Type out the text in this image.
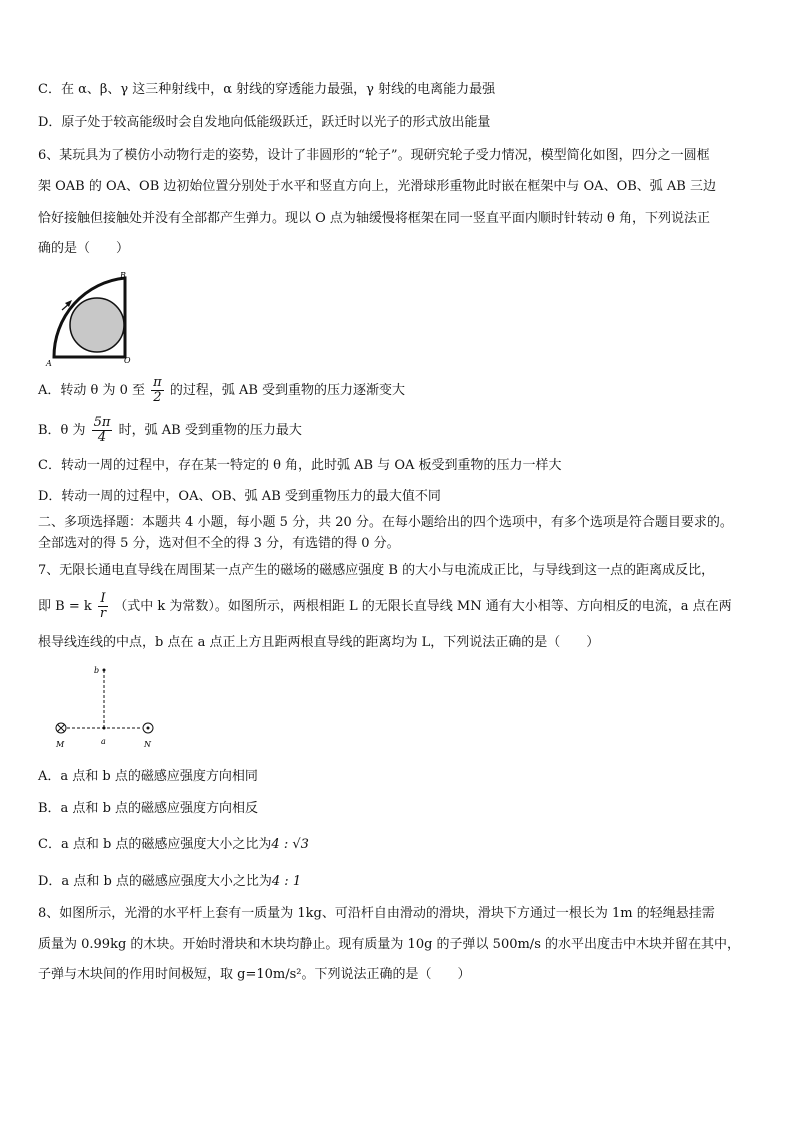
C．在 α、β、γ 这三种射线中，α 射线的穿透能力最强，γ 射线的电离能力最强
D．原子处于较高能级时会自发地向低能级跃迁，跃迁时以光子的形式放出能量
6、某玩具为了模仿小动物行走的姿势，设计了非圆形的“轮子”。现研究轮子受力情况，模型简化如图，四分之一圆框
架 OAB 的 OA、OB 边初始位置分别处于水平和竖直方向上，光滑球形重物此时嵌在框架中与 OA、OB、弧 AB 三边
恰好接触但接触处并没有全部都产生弹力。现以 O 点为轴缓慢将框架在同一竖直平面内顺时针转动 θ 角，下列说法正
确的是（　　）
B
A	O
A．转动 θ 为 0 至 $\frac{\pi}{2}$ 的过程，弧 AB 受到重物的压力逐渐变大
B．θ 为 $\frac{5\pi}{4}$ 时，弧 AB 受到重物的压力最大
C．转动一周的过程中，存在某一特定的 θ 角，此时弧 AB 与 OA 板受到重物的压力一样大
D．转动一周的过程中，OA、OB、弧 AB 受到重物压力的最大值不同
二、多项选择题：本题共 4 小题，每小题 5 分，共 20 分。在每小题给出的四个选项中，有多个选项是符合题目要求的。
全部选对的得 5 分，选对但不全的得 3 分，有选错的得 0 分。
7、无限长通电直导线在周围某一点产生的磁场的磁感应强度 B 的大小与电流成正比，与导线到这一点的距离成反比，
即 B = k $\frac{I}{r}$ （式中 k 为常数）。如图所示，两根相距 L 的无限长直导线 MN 通有大小相等、方向相反的电流，a 点在两
根导线连线的中点，b 点在 a 点正上方且距两根直导线的距离均为 L，下列说法正确的是（　　）
b
M	a	N
A．a 点和 b 点的磁感应强度方向相同
B．a 点和 b 点的磁感应强度方向相反
C．a 点和 b 点的磁感应强度大小之比为4 : √3
D．a 点和 b 点的磁感应强度大小之比为4 : 1
8、如图所示，光滑的水平杆上套有一质量为 1kg、可沿杆自由滑动的滑块，滑块下方通过一根长为 1m 的轻绳悬挂需
质量为 0.99kg 的木块。开始时滑块和木块均静止。现有质量为 10g 的子弹以 500m/s 的水平出度击中木块并留在其中，
子弹与木块间的作用时间极短，取 g=10m/s²。下列说法正确的是（　　）
